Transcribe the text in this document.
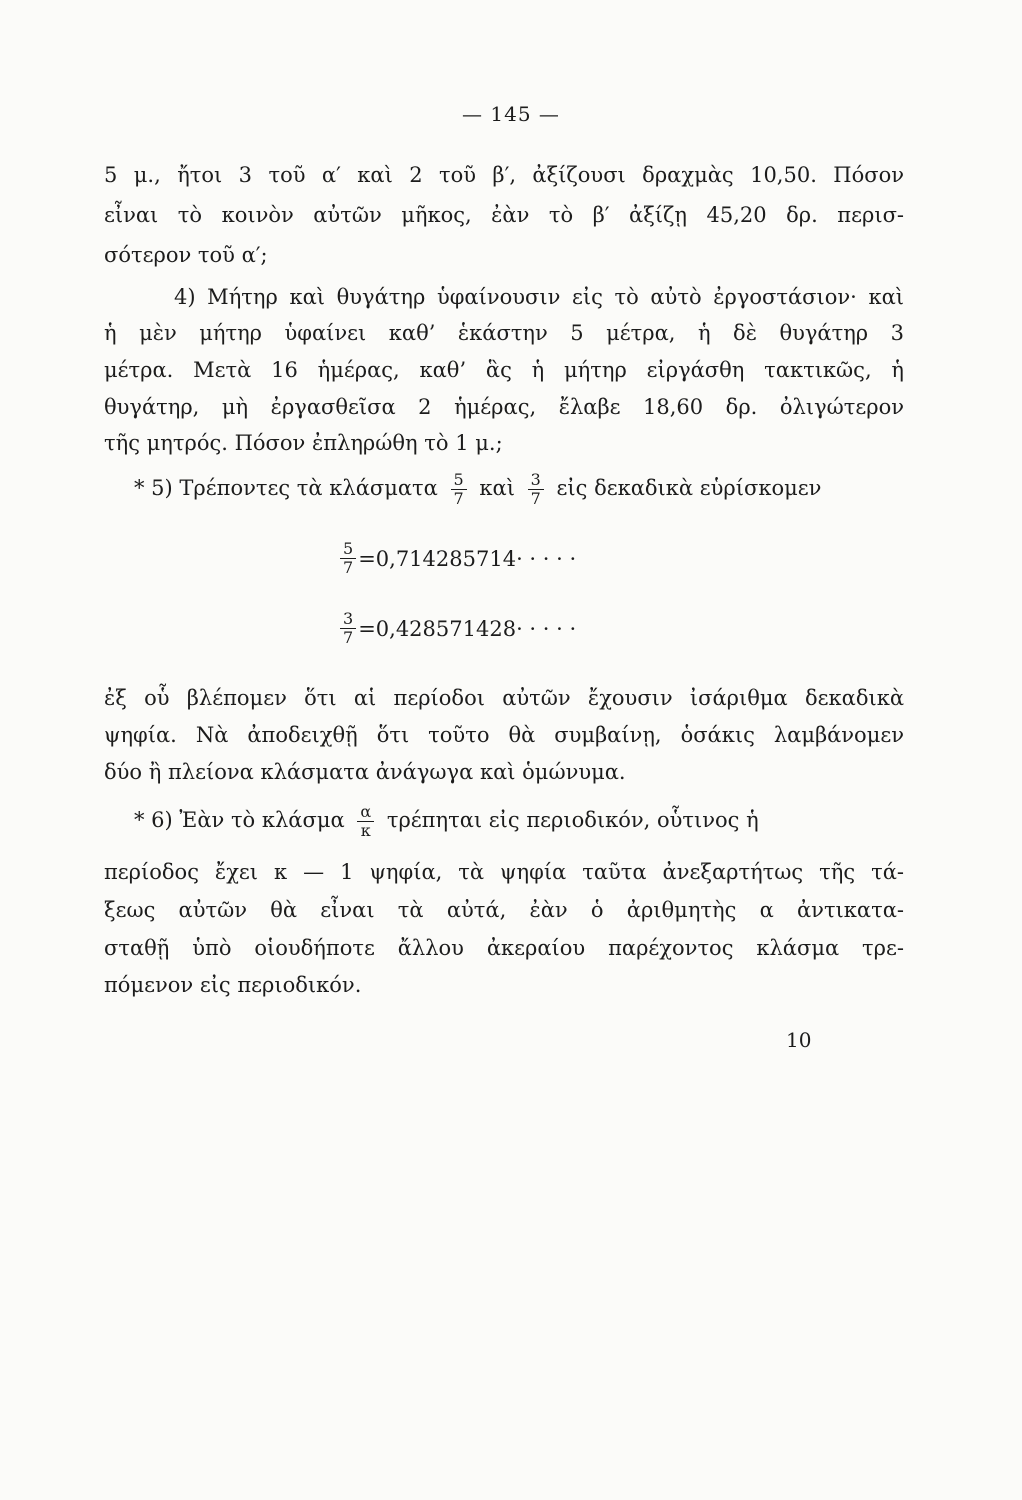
— 145 —
5 μ., ἤτοι 3 τοῦ α′ καὶ 2 τοῦ β′, ἀξίζουσι δραχμὰς 10,50. Πόσον
εἶναι τὸ κοινὸν αὐτῶν μῆκος, ἐὰν τὸ β′ ἀξίζῃ 45,20 δρ. περισ-
σότερον τοῦ α′;
4) Μήτηρ καὶ θυγάτηρ ὑφαίνουσιν εἰς τὸ αὐτὸ ἐργοστάσιον· καὶ
ἡ μὲν μήτηρ ὑφαίνει καθ’ ἑκάστην 5 μέτρα, ἡ δὲ θυγάτηρ 3
μέτρα. Μετὰ 16 ἡμέρας, καθ’ ἃς ἡ μήτηρ εἰργάσθη τακτικῶς, ἡ
θυγάτηρ, μὴ ἐργασθεῖσα 2 ἡμέρας, ἔλαβε 18,60 δρ. ὀλιγώτερον
τῆς μητρός. Πόσον ἐπληρώθη τὸ 1 μ.;
* 5) Τρέποντες τὰ κλάσματα $\frac{5}{7}$ καὶ $\frac{3}{7}$ εἰς δεκαδικὰ εὑρίσκομεν
$\frac{5}{7} =0,714285714\cdot$ · · · ·
$\frac{3}{7} =0,428571428\cdot$ · · · ·
ἐξ οὗ βλέπομεν ὅτι αἱ περίοδοι αὐτῶν ἔχουσιν ἰσάριθμα δεκαδικὰ
ψηφία. Νὰ ἀποδειχθῇ ὅτι τοῦτο θὰ συμβαίνῃ, ὁσάκις λαμβάνομεν
δύο ἢ πλείονα κλάσματα ἀνάγωγα καὶ ὁμώνυμα.
* 6) Ἐὰν τὸ κλάσμα $\frac{\alpha}{\kappa}$ τρέπηται εἰς περιοδικόν, οὗτινος ἡ
περίοδος ἔχει κ — 1 ψηφία, τὰ ψηφία ταῦτα ἀνεξαρτήτως τῆς τά-
ξεως αὐτῶν θὰ εἶναι τὰ αὐτά, ἐὰν ὁ ἀριθμητὴς α ἀντικατα-
σταθῇ ὑπὸ οἱουδήποτε ἄλλου ἀκεραίου παρέχοντος κλάσμα τρε-
πόμενον εἰς περιοδικόν.
10
